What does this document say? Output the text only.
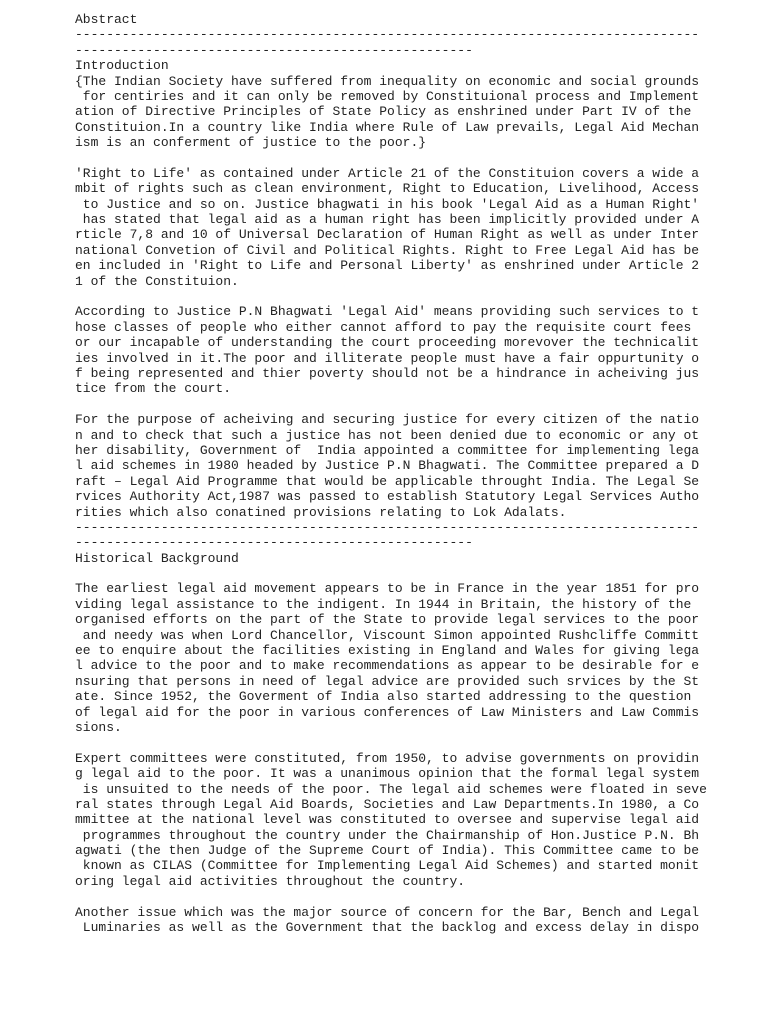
Abstract
--------------------------------------------------------------------------------
---------------------------------------------------
Introduction
{The Indian Society have suffered from inequality on economic and social grounds
for centiries and it can only be removed by Constituional process and Implement
ation of Directive Principles of State Policy as enshrined under Part IV of the
Constituion.In a country like India where Rule of Law prevails, Legal Aid Mechan
ism is an conferment of justice to the poor.}
'Right to Life' as contained under Article 21 of the Constituion covers a wide a
mbit of rights such as clean environment, Right to Education, Livelihood, Access
to Justice and so on. Justice bhagwati in his book 'Legal Aid as a Human Right'
has stated that legal aid as a human right has been implicitly provided under A
rticle 7,8 and 10 of Universal Declaration of Human Right as well as under Inter
national Convetion of Civil and Political Rights. Right to Free Legal Aid has be
en included in 'Right to Life and Personal Liberty' as enshrined under Article 2
1 of the Constituion.
According to Justice P.N Bhagwati 'Legal Aid' means providing such services to t
hose classes of people who either cannot afford to pay the requisite court fees
or our incapable of understanding the court proceeding morevover the technicalit
ies involved in it.The poor and illiterate people must have a fair oppurtunity o
f being represented and thier poverty should not be a hindrance in acheiving jus
tice from the court.
For the purpose of acheiving and securing justice for every citizen of the natio
n and to check that such a justice has not been denied due to economic or any ot
her disability, Government of  India appointed a committee for implementing lega
l aid schemes in 1980 headed by Justice P.N Bhagwati. The Committee prepared a D
raft – Legal Aid Programme that would be applicable throught India. The Legal Se
rvices Authority Act,1987 was passed to establish Statutory Legal Services Autho
rities which also conatined provisions relating to Lok Adalats.
--------------------------------------------------------------------------------
---------------------------------------------------
Historical Background
The earliest legal aid movement appears to be in France in the year 1851 for pro
viding legal assistance to the indigent. In 1944 in Britain, the history of the
organised efforts on the part of the State to provide legal services to the poor
and needy was when Lord Chancellor, Viscount Simon appointed Rushcliffe Committ
ee to enquire about the facilities existing in England and Wales for giving lega
l advice to the poor and to make recommendations as appear to be desirable for e
nsuring that persons in need of legal advice are provided such srvices by the St
ate. Since 1952, the Goverment of India also started addressing to the question
of legal aid for the poor in various conferences of Law Ministers and Law Commis
sions.
Expert committees were constituted, from 1950, to advise governments on providin
g legal aid to the poor. It was a unanimous opinion that the formal legal system
is unsuited to the needs of the poor. The legal aid schemes were floated in seve
ral states through Legal Aid Boards, Societies and Law Departments.In 1980, a Co
mmittee at the national level was constituted to oversee and supervise legal aid
programmes throughout the country under the Chairmanship of Hon.Justice P.N. Bh
agwati (the then Judge of the Supreme Court of India). This Committee came to be
known as CILAS (Committee for Implementing Legal Aid Schemes) and started monit
oring legal aid activities throughout the country.
Another issue which was the major source of concern for the Bar, Bench and Legal
Luminaries as well as the Government that the backlog and excess delay in dispo
